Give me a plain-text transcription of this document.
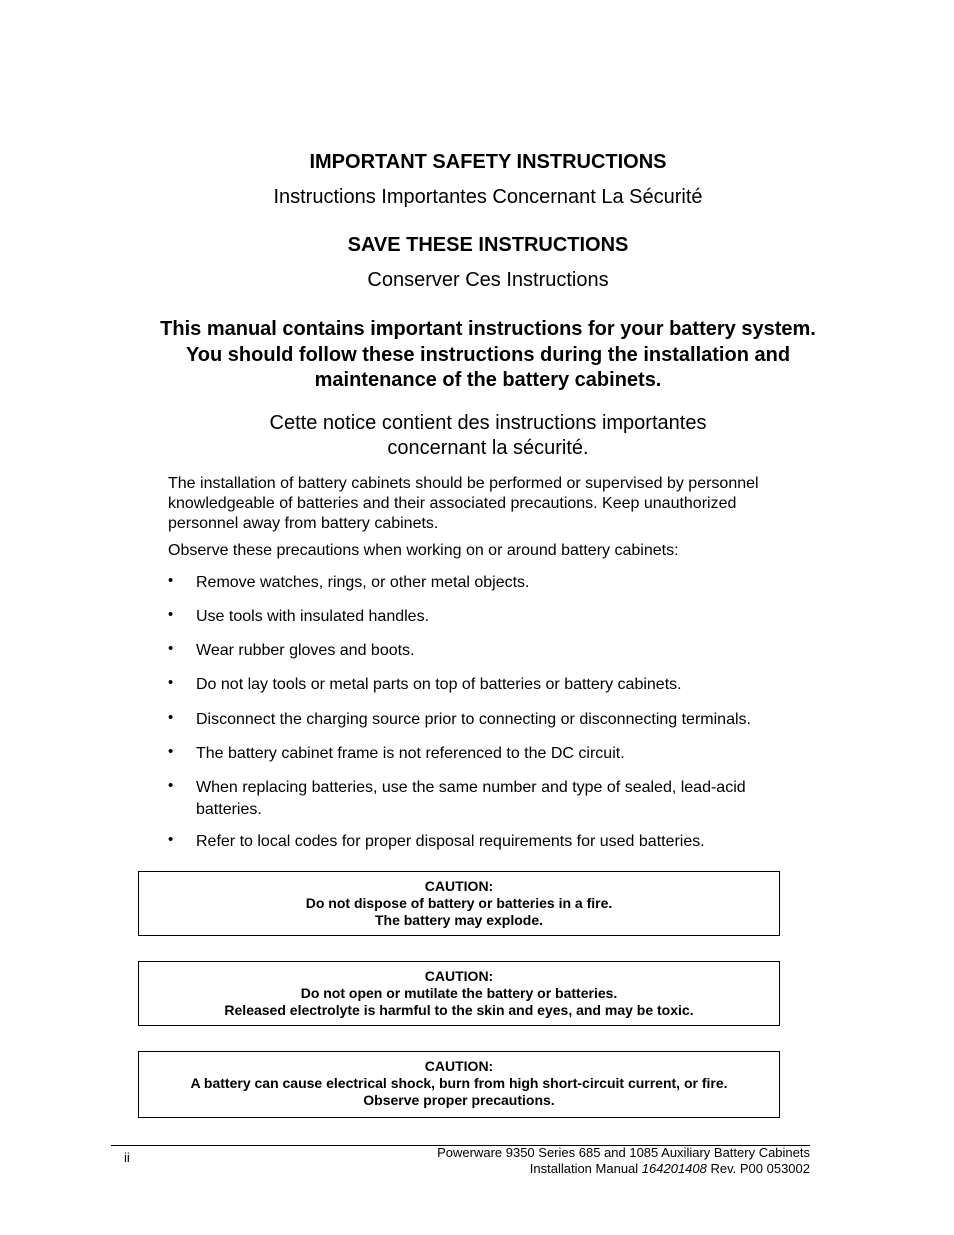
IMPORTANT SAFETY INSTRUCTIONS
Instructions Importantes Concernant La Sécurité
SAVE THESE INSTRUCTIONS
Conserver Ces Instructions
This manual contains important instructions for your battery system. You should follow these instructions during the installation and maintenance of the battery cabinets.
Cette notice contient des instructions importantes
concernant la sécurité.
The installation of battery cabinets should be performed or supervised by personnel knowledgeable of batteries and their associated precautions. Keep unauthorized personnel away from battery cabinets.
Observe these precautions when working on or around battery cabinets:
• Remove watches, rings, or other metal objects.
• Use tools with insulated handles.
• Wear rubber gloves and boots.
• Do not lay tools or metal parts on top of batteries or battery cabinets.
• Disconnect the charging source prior to connecting or disconnecting terminals.
• The battery cabinet frame is not referenced to the DC circuit.
• When replacing batteries, use the same number and type of sealed, lead-acid batteries.
• Refer to local codes for proper disposal requirements for used batteries.
CAUTION:
Do not dispose of battery or batteries in a fire.
The battery may explode.
CAUTION:
Do not open or mutilate the battery or batteries.
Released electrolyte is harmful to the skin and eyes, and may be toxic.
CAUTION:
A battery can cause electrical shock, burn from high short-circuit current, or fire.
Observe proper precautions.
ii	Powerware 9350 Series 685 and 1085 Auxiliary Battery Cabinets
Installation Manual 164201408 Rev. P00 053002
